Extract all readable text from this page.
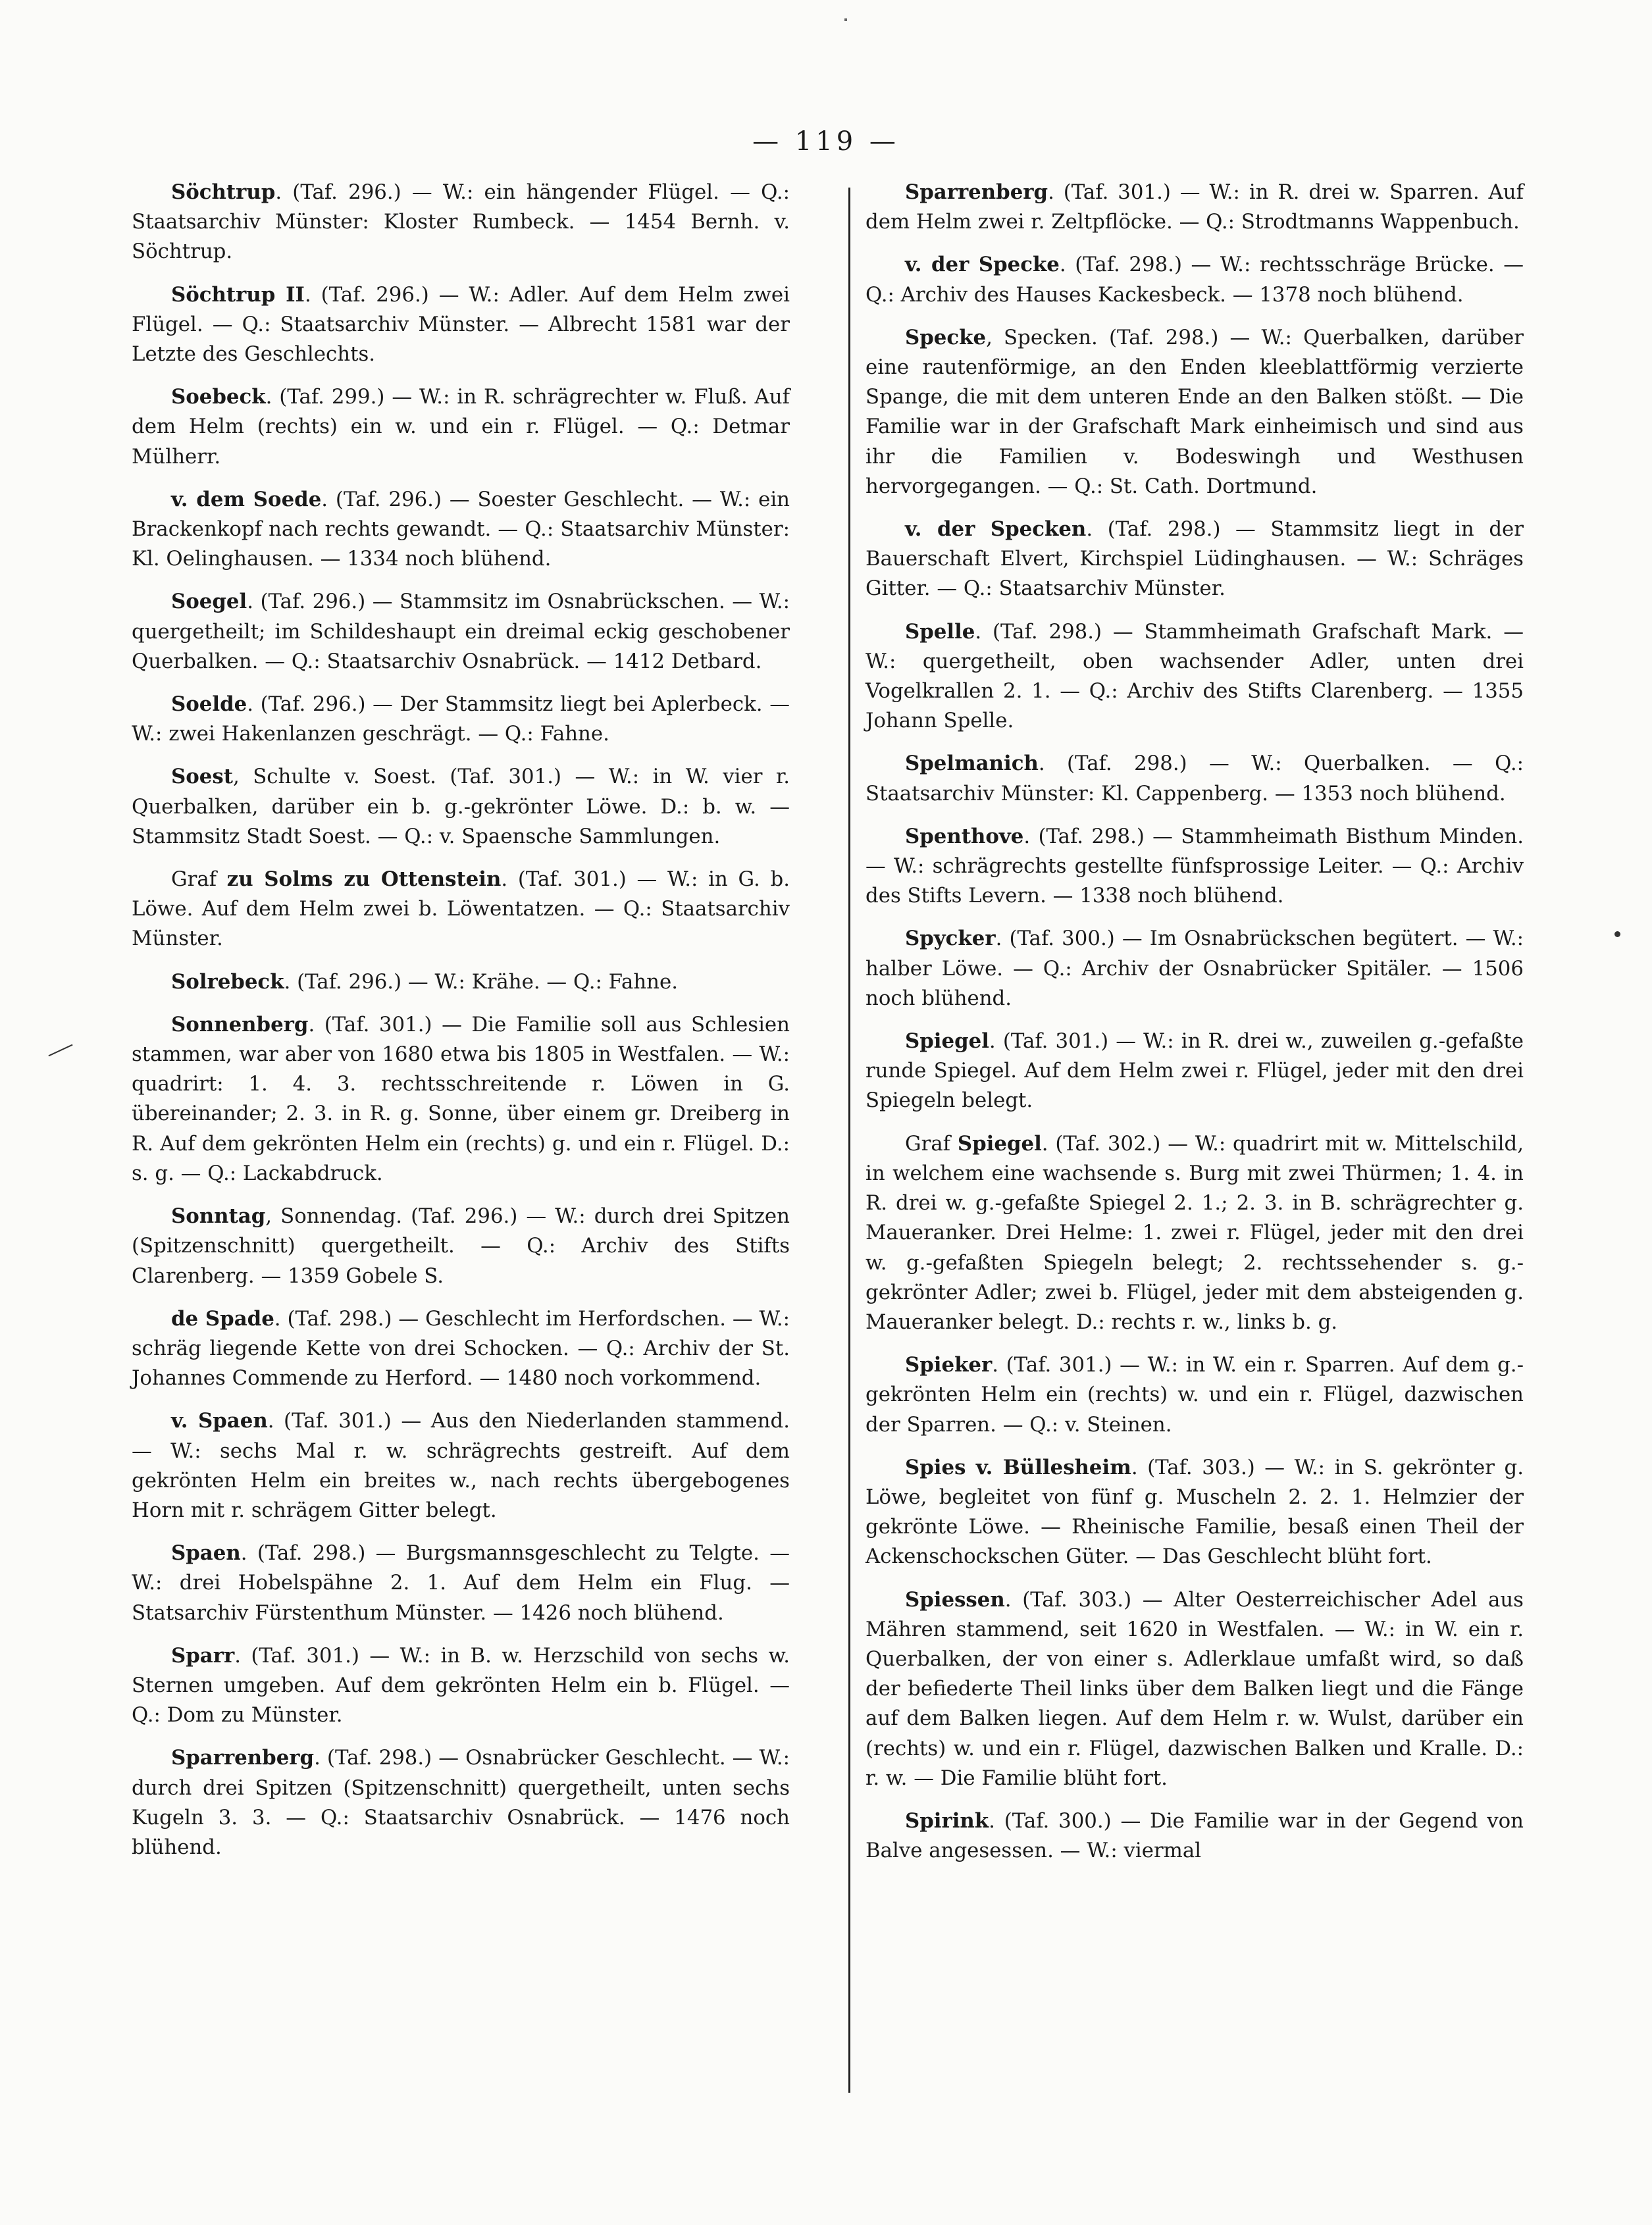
— 119 —

Söchtrup. (Taf. 296.) — W.: ein hängender Flügel. — Q.: Staatsarchiv Münster: Kloster Rumbeck. — 1454 Bernh. v. Söchtrup.

Söchtrup II. (Taf. 296.) — W.: Adler. Auf dem Helm zwei Flügel. — Q.: Staatsarchiv Münster. — Albrecht 1581 war der Letzte des Geschlechts.

Soebeck. (Taf. 299.) — W.: in R. schrägrechter w. Fluß. Auf dem Helm (rechts) ein w. und ein r. Flügel. — Q.: Detmar Mülherr.

v. dem Soede. (Taf. 296.) — Soester Geschlecht. — W.: ein Brackenkopf nach rechts gewandt. — Q.: Staatsarchiv Münster: Kl. Oelinghausen. — 1334 noch blühend.

Soegel. (Taf. 296.) — Stammsitz im Osnabrückschen. — W.: quergetheilt; im Schildeshaupt ein dreimal eckig geschobener Querbalken. — Q.: Staatsarchiv Osnabrück. — 1412 Detbard.

Soelde. (Taf. 296.) — Der Stammsitz liegt bei Aplerbeck. — W.: zwei Hakenlanzen geschrägt. — Q.: Fahne.

Soest, Schulte v. Soest. (Taf. 301.) — W.: in W. vier r. Querbalken, darüber ein b. g.-gekrönter Löwe. D.: b. w. — Stammsitz Stadt Soest. — Q.: v. Spaensche Sammlungen.

Graf zu Solms zu Ottenstein. (Taf. 301.) — W.: in G. b. Löwe. Auf dem Helm zwei b. Löwentatzen. — Q.: Staatsarchiv Münster.

Solrebeck. (Taf. 296.) — W.: Krähe. — Q.: Fahne.

Sonnenberg. (Taf. 301.) — Die Familie soll aus Schlesien stammen, war aber von 1680 etwa bis 1805 in Westfalen. — W.: quadrirt: 1. 4. 3. rechtsschreitende r. Löwen in G. übereinander; 2. 3. in R. g. Sonne, über einem gr. Dreiberg in R. Auf dem gekrönten Helm ein (rechts) g. und ein r. Flügel. D.: s. g. — Q.: Lackabdruck.

Sonntag, Sonnendag. (Taf. 296.) — W.: durch drei Spitzen (Spitzenschnitt) quergetheilt. — Q.: Archiv des Stifts Clarenberg. — 1359 Gobele S.

de Spade. (Taf. 298.) — Geschlecht im Herfordschen. — W.: schräg liegende Kette von drei Schocken. — Q.: Archiv der St. Johannes Commende zu Herford. — 1480 noch vorkommend.

v. Spaen. (Taf. 301.) — Aus den Niederlanden stammend. — W.: sechs Mal r. w. schrägrechts gestreift. Auf dem gekrönten Helm ein breites w., nach rechts übergebogenes Horn mit r. schrägem Gitter belegt.

Spaen. (Taf. 298.) — Burgsmannsgeschlecht zu Telgte. — W.: drei Hobelspähne 2. 1. Auf dem Helm ein Flug. — Statsarchiv Fürstenthum Münster. — 1426 noch blühend.

Sparr. (Taf. 301.) — W.: in B. w. Herzschild von sechs w. Sternen umgeben. Auf dem gekrönten Helm ein b. Flügel. — Q.: Dom zu Münster.

Sparrenberg. (Taf. 298.) — Osnabrücker Geschlecht. — W.: durch drei Spitzen (Spitzenschnitt) quergetheilt, unten sechs Kugeln 3. 3. — Q.: Staatsarchiv Osnabrück. — 1476 noch blühend.

Sparrenberg. (Taf. 301.) — W.: in R. drei w. Sparren. Auf dem Helm zwei r. Zeltpflöcke. — Q.: Strodtmanns Wappenbuch.

v. der Specke. (Taf. 298.) — W.: rechtsschräge Brücke. — Q.: Archiv des Hauses Kackesbeck. — 1378 noch blühend.

Specke, Specken. (Taf. 298.) — W.: Querbalken, darüber eine rautenförmige, an den Enden kleeblattförmig verzierte Spange, die mit dem unteren Ende an den Balken stößt. — Die Familie war in der Grafschaft Mark einheimisch und sind aus ihr die Familien v. Bodeswingh und Westhusen hervorgegangen. — Q.: St. Cath. Dortmund.

v. der Specken. (Taf. 298.) — Stammsitz liegt in der Bauerschaft Elvert, Kirchspiel Lüdinghausen. — W.: Schräges Gitter. — Q.: Staatsarchiv Münster.

Spelle. (Taf. 298.) — Stammheimath Grafschaft Mark. — W.: quergetheilt, oben wachsender Adler, unten drei Vogelkrallen 2. 1. — Q.: Archiv des Stifts Clarenberg. — 1355 Johann Spelle.

Spelmanich. (Taf. 298.) — W.: Querbalken. — Q.: Staatsarchiv Münster: Kl. Cappenberg. — 1353 noch blühend.

Spenthove. (Taf. 298.) — Stammheimath Bisthum Minden. — W.: schrägrechts gestellte fünfsprossige Leiter. — Q.: Archiv des Stifts Levern. — 1338 noch blühend.

Spycker. (Taf. 300.) — Im Osnabrückschen begütert. — W.: halber Löwe. — Q.: Archiv der Osnabrücker Spitäler. — 1506 noch blühend.

Spiegel. (Taf. 301.) — W.: in R. drei w., zuweilen g.-gefaßte runde Spiegel. Auf dem Helm zwei r. Flügel, jeder mit den drei Spiegeln belegt.

Graf Spiegel. (Taf. 302.) — W.: quadrirt mit w. Mittelschild, in welchem eine wachsende s. Burg mit zwei Thürmen; 1. 4. in R. drei w. g.-gefaßte Spiegel 2. 1.; 2. 3. in B. schrägrechter g. Maueranker. Drei Helme: 1. zwei r. Flügel, jeder mit den drei w. g.-gefaßten Spiegeln belegt; 2. rechtssehender s. g.-gekrönter Adler; zwei b. Flügel, jeder mit dem absteigenden g. Maueranker belegt. D.: rechts r. w., links b. g.

Spieker. (Taf. 301.) — W.: in W. ein r. Sparren. Auf dem g.-gekrönten Helm ein (rechts) w. und ein r. Flügel, dazwischen der Sparren. — Q.: v. Steinen.

Spies v. Büllesheim. (Taf. 303.) — W.: in S. gekrönter g. Löwe, begleitet von fünf g. Muscheln 2. 2. 1. Helmzier der gekrönte Löwe. — Rheinische Familie, besaß einen Theil der Ackenschockschen Güter. — Das Geschlecht blüht fort.

Spiessen. (Taf. 303.) — Alter Oesterreichischer Adel aus Mähren stammend, seit 1620 in Westfalen. — W.: in W. ein r. Querbalken, der von einer s. Adlerklaue umfaßt wird, so daß der befiederte Theil links über dem Balken liegt und die Fänge auf dem Balken liegen. Auf dem Helm r. w. Wulst, darüber ein (rechts) w. und ein r. Flügel, dazwischen Balken und Kralle. D.: r. w. — Die Familie blüht fort.

Spirink. (Taf. 300.) — Die Familie war in der Gegend von Balve angesessen. — W.: viermal
